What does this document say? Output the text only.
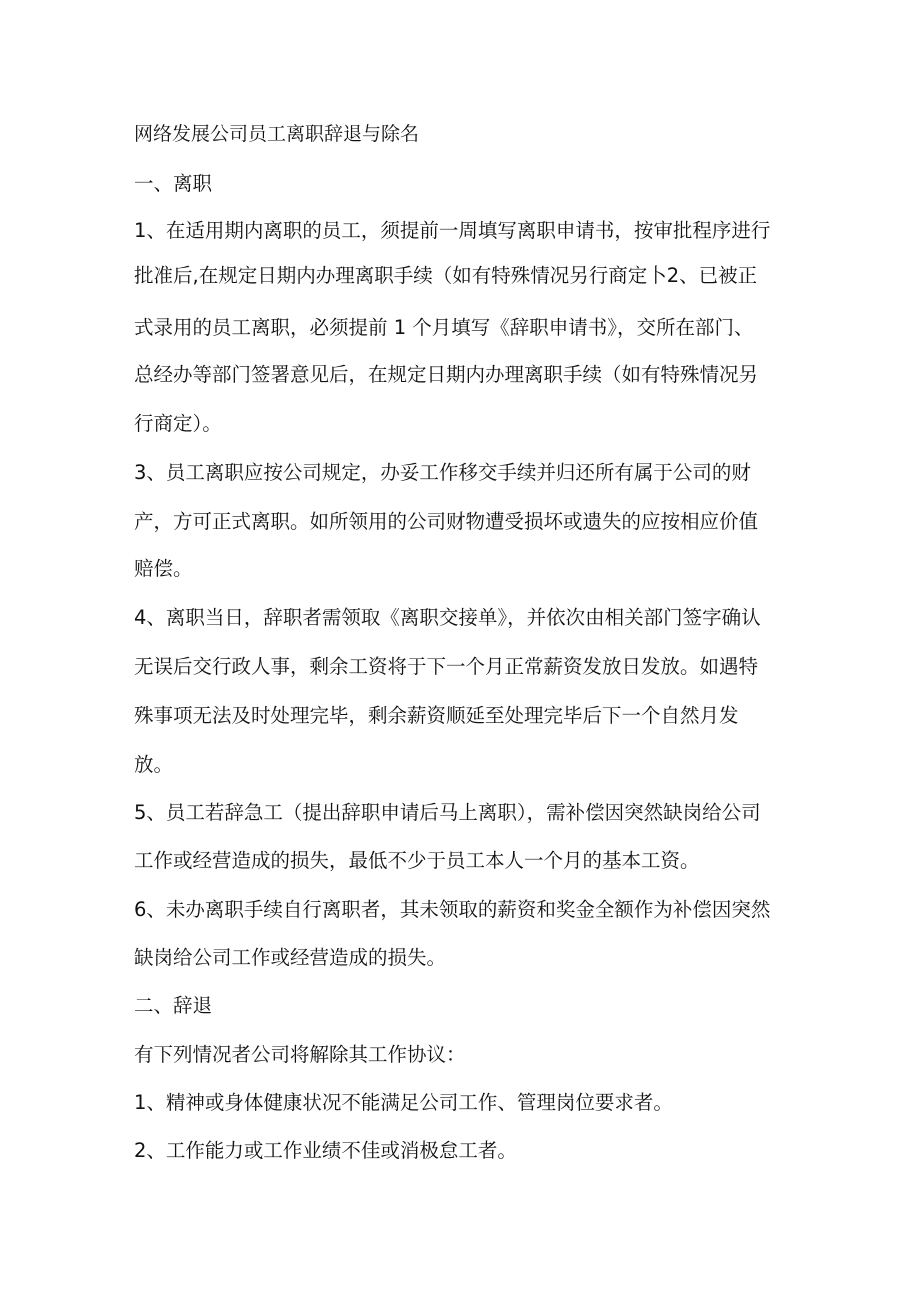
网络发展公司员工离职辞退与除名
一、离职
1、在适用期内离职的员工，须提前一周填写离职申请书，按审批程序进行
批准后,在规定日期内办理离职手续（如有特殊情况另行商定卜2、已被正
式录用的员工离职，必须提前 1 个月填写《辞职申请书》，交所在部门、
总经办等部门签署意见后，在规定日期内办理离职手续（如有特殊情况另
行商定）。
3、员工离职应按公司规定，办妥工作移交手续并归还所有属于公司的财
产，方可正式离职。如所领用的公司财物遭受损坏或遗失的应按相应价值
赔偿。
4、离职当日，辞职者需领取《离职交接单》，并依次由相关部门签字确认
无误后交行政人事，剩余工资将于下一个月正常薪资发放日发放。如遇特
殊事项无法及时处理完毕，剩余薪资顺延至处理完毕后下一个自然月发
放。
5、员工若辞急工（提出辞职申请后马上离职），需补偿因突然缺岗给公司
工作或经营造成的损失，最低不少于员工本人一个月的基本工资。
6、未办离职手续自行离职者，其未领取的薪资和奖金全额作为补偿因突然
缺岗给公司工作或经营造成的损失。
二、辞退
有下列情况者公司将解除其工作协议：
1、精神或身体健康状况不能满足公司工作、管理岗位要求者。
2、工作能力或工作业绩不佳或消极怠工者。
